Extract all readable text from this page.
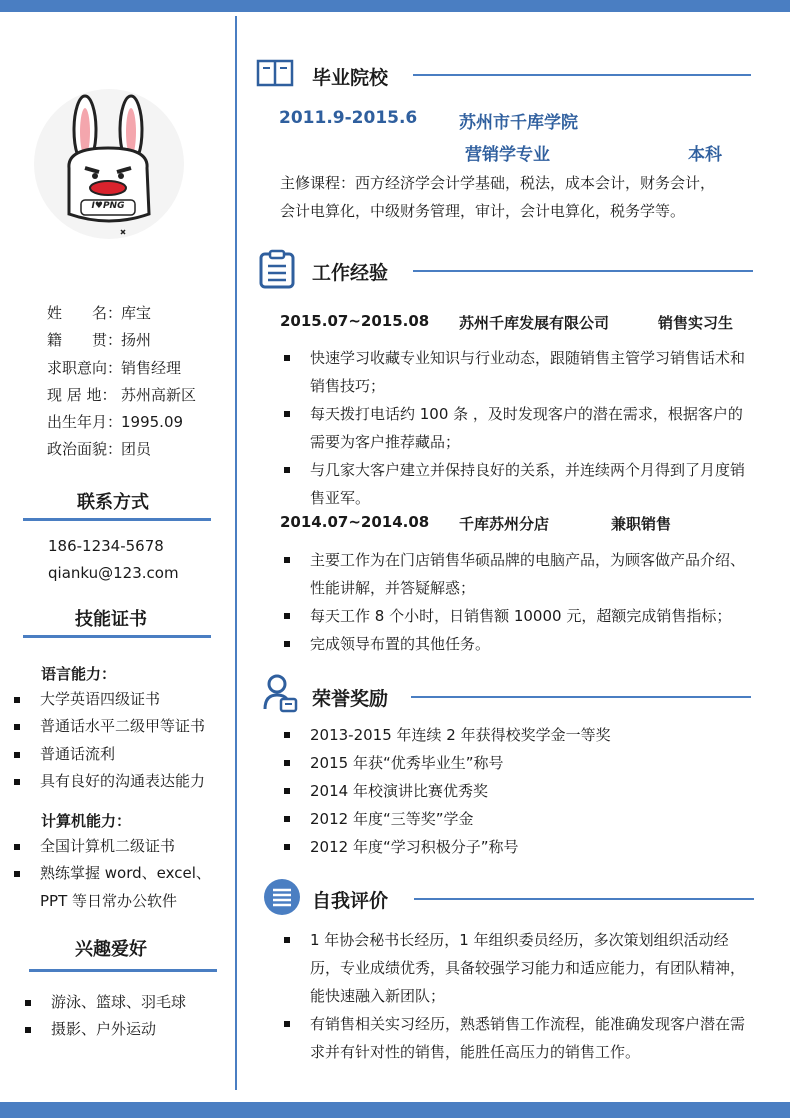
I♥PNG
姓　　名：库宝
籍　　贯：扬州
求职意向：销售经理
现 居 地： 苏州高新区
出生年月：1995.09
政治面貌：团员
联系方式
186-1234-5678
qianku@123.com
技能证书
语言能力：
大学英语四级证书
普通话水平二级甲等证书
普通话流利
具有良好的沟通表达能力
计算机能力：
全国计算机二级证书
熟练掌握 word、excel、
PPT 等日常办公软件
兴趣爱好
游泳、篮球、羽毛球
摄影、户外运动
毕业院校
2011.9-2015.6 苏州市千库学院
营销学专业	本科
主修课程：西方经济学会计学基础，税法，成本会计，财务会计，
会计电算化，中级财务管理，审计，会计电算化，税务学等。
工作经验
2015.07~2015.08 苏州千库发展有限公司	销售实习生
快速学习收藏专业知识与行业动态，跟随销售主管学习销售话术和销售技巧；
每天拨打电话约 100 条 ，及时发现客户的潜在需求，根据客户的需要为客户推荐藏品；
与几家大客户建立并保持良好的关系，并连续两个月得到了月度销售亚军。
2014.07~2014.08 千库苏州分店	兼职销售
主要工作为在门店销售华硕品牌的电脑产品，为顾客做产品介绍、性能讲解，并答疑解惑；
每天工作 8 个小时，日销售额 10000 元，超额完成销售指标；
完成领导布置的其他任务。
荣誉奖励
2013-2015 年连续 2 年获得校奖学金一等奖
2015 年获“优秀毕业生”称号
2014 年校演讲比赛优秀奖
2012 年度“三等奖”学金
2012 年度“学习积极分子”称号
自我评价
1 年协会秘书长经历，1 年组织委员经历，多次策划组织活动经历，专业成绩优秀，具备较强学习能力和适应能力，有团队精神，能快速融入新团队；
有销售相关实习经历，熟悉销售工作流程，能准确发现客户潜在需求并有针对性的销售，能胜任高压力的销售工作。
